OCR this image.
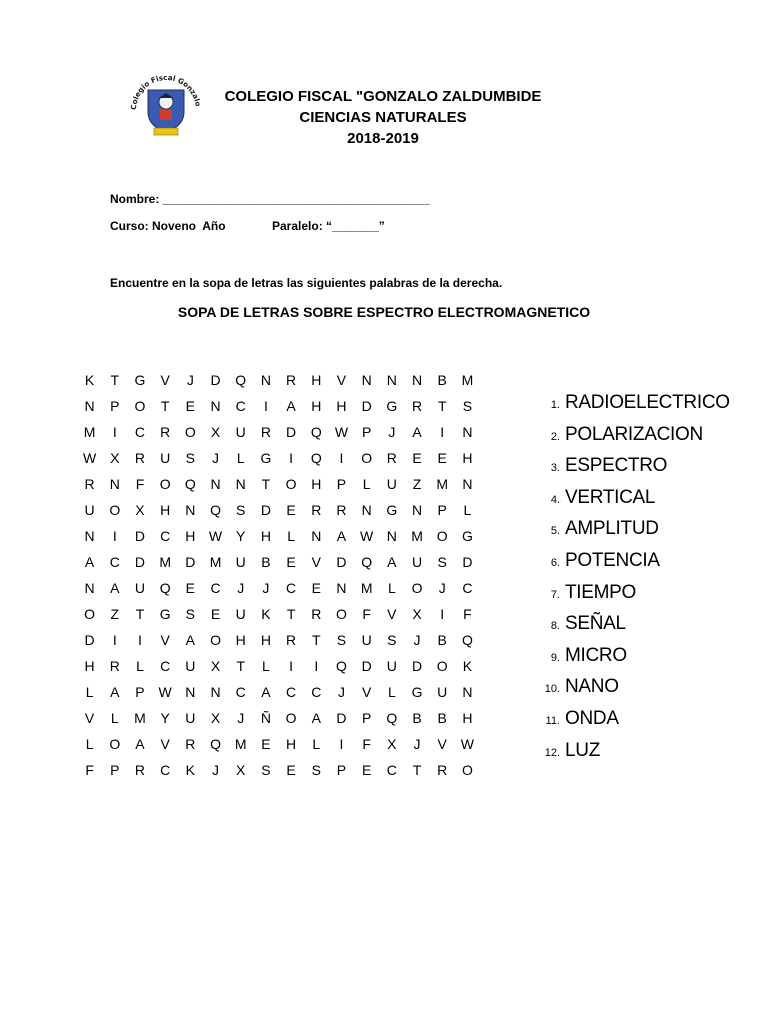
Colegio Fiscal Gonzalo	COLEGIO FISCAL "GONZALO ZALDUMBIDE
CIENCIAS NATURALES
2018-2019
Nombre: ________________________________________
Curso: Noveno  Año	Paralelo: “_______”
Encuentre en la sopa de letras las siguientes palabras de la derecha.
SOPA DE LETRAS SOBRE ESPECTRO ELECTROMAGNETICO
K	T	G	V	J	D	Q	N	R	H	V	N	N	N	B	M
N	P	O	T	E	N	C	I	A	H	H	D	G	R	T	S
M	I	C	R	O	X	U	R	D	Q W P	J	A	I	N
W X	R	U	S	J	L	G	I	Q	I	O	R	E	E	H
R	N	F	O	Q	N	N	T	O	H	P	L	U	Z	M	N
U	O	X	H	N	Q	S	D	E	R	R	N	G	N	P	L
N	I	D	C	H W Y	H	L	N	A W N	M O	G
A	C	D	M	D	M	U	B	E	V	D	Q	A	U	S	D
N	A	U	Q	E	C	J	J	C	E	N	M	L	O	J	C
O	Z	T	G	S	E	U	K	T	R	O	F	V	X	I	F
D	I	I	V	A	O	H	H	R	T	S	U	S	J	B	Q
H	R	L	C	U	X	T	L	I	I	Q	D	U	D	O	K
L	A	P W N	N	C	A	C	C	J	V	L	G	U	N
V	L	M	Y	U	X	J	Ñ	O	A	D	P	Q	B	B	H
L	O	A	V	R	Q M	E	H	L	I	F	X	J	V W
F	P	R	C	K	J	X	S	E	S	P	E	C	T	R	O
1. RADIOELECTRICO
2. POLARIZACION
3. ESPECTRO
4. VERTICAL
5. AMPLITUD
6. POTENCIA
7. TIEMPO
8. SEÑAL
9. MICRO
10. NANO
11. ONDA
12. LUZ
